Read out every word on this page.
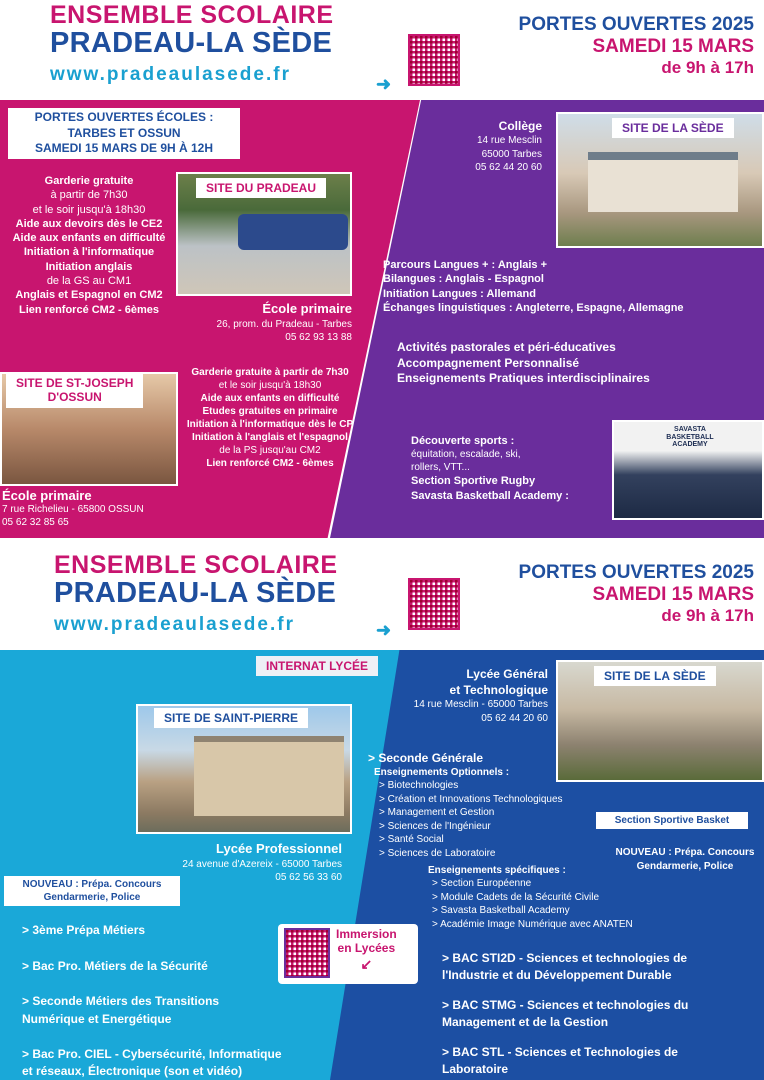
ENSEMBLE SCOLAIRE
PRADEAU-LA SÈDE
www.pradeaulasede.fr	➜
PORTES OUVERTES 2025
SAMEDI 15 MARS
de 9h à 17h
PORTES OUVERTES ÉCOLES :
TARBES ET OSSUN
SAMEDI 15 MARS DE 9H À 12H
Garderie gratuite
à partir de 7h30
et le soir jusqu'à 18h30
Aide aux devoirs dès le CE2
Aide aux enfants en difficulté
Initiation à l'informatique
Initiation anglais
de la GS au CM1
Anglais et Espagnol en CM2
Lien renforcé CM2 - 6èmes
SITE DU PRADEAU
École primaire
26, prom. du Pradeau - Tarbes
05 62 93 13 88
SITE DE ST-JOSEPH
D'OSSUN
Garderie gratuite à partir de 7h30
et le soir jusqu'à 18h30
Aide aux enfants en difficulté
Etudes gratuites en primaire
Initiation à l'informatique dès le CP
Initiation à l'anglais et l'espagnol
de la PS jusqu'au CM2
Lien renforcé CM2 - 6èmes
École primaire
7 rue Richelieu - 65800 OSSUN
05 62 32 85 65
Collège
14 rue Mesclin
65000 Tarbes
05 62 44 20 60
SITE DE LA SÈDE
Parcours Langues + : Anglais +
Bilangues : Anglais - Espagnol
Initiation Langues : Allemand
Échanges linguistiques : Angleterre, Espagne, Allemagne
Activités pastorales et péri-éducatives
Accompagnement Personnalisé
Enseignements Pratiques interdisciplinaires
Découverte sports :
équitation, escalade, ski,
rollers, VTT...
Section Sportive Rugby
Savasta Basketball Academy :
SAVASTA BASKETBALL ACADEMY
ENSEMBLE SCOLAIRE
PRADEAU-LA SÈDE
www.pradeaulasede.fr	➜
PORTES OUVERTES 2025
SAMEDI 15 MARS
de 9h à 17h
INTERNAT LYCÉE
SITE DE SAINT-PIERRE
Lycée Professionnel
24 avenue d'Azereix - 65000 Tarbes
05 62 56 33 60
NOUVEAU : Prépa. Concours
Gendarmerie, Police
> 3ème Prépa Métiers
> Bac Pro. Métiers de la Sécurité
> Seconde Métiers des Transitions
Numérique et Energétique
> Bac Pro. CIEL - Cybersécurité, Informatique
et réseaux, Électronique (son et vidéo)
Immersion
en Lycées
↙
Lycée Général
et Technologique
14 rue Mesclin - 65000 Tarbes
05 62 44 20 60
SITE DE LA SÈDE
> Seconde Générale
Enseignements Optionnels :
> Biotechnologies
> Création et Innovations Technologiques
> Management et Gestion
> Sciences de l'Ingénieur
> Santé Social
> Sciences de Laboratoire
Section Sportive Basket
NOUVEAU : Prépa. Concours
Gendarmerie, Police
Enseignements spécifiques :
> Section Européenne
> Module Cadets de la Sécurité Civile
> Savasta Basketball Academy
> Académie Image Numérique avec ANATEN
> BAC STI2D - Sciences et technologies de
l'Industrie et du Développement Durable
> BAC STMG - Sciences et technologies du
Management et de la Gestion
> BAC STL - Sciences et Technologies de
Laboratoire
